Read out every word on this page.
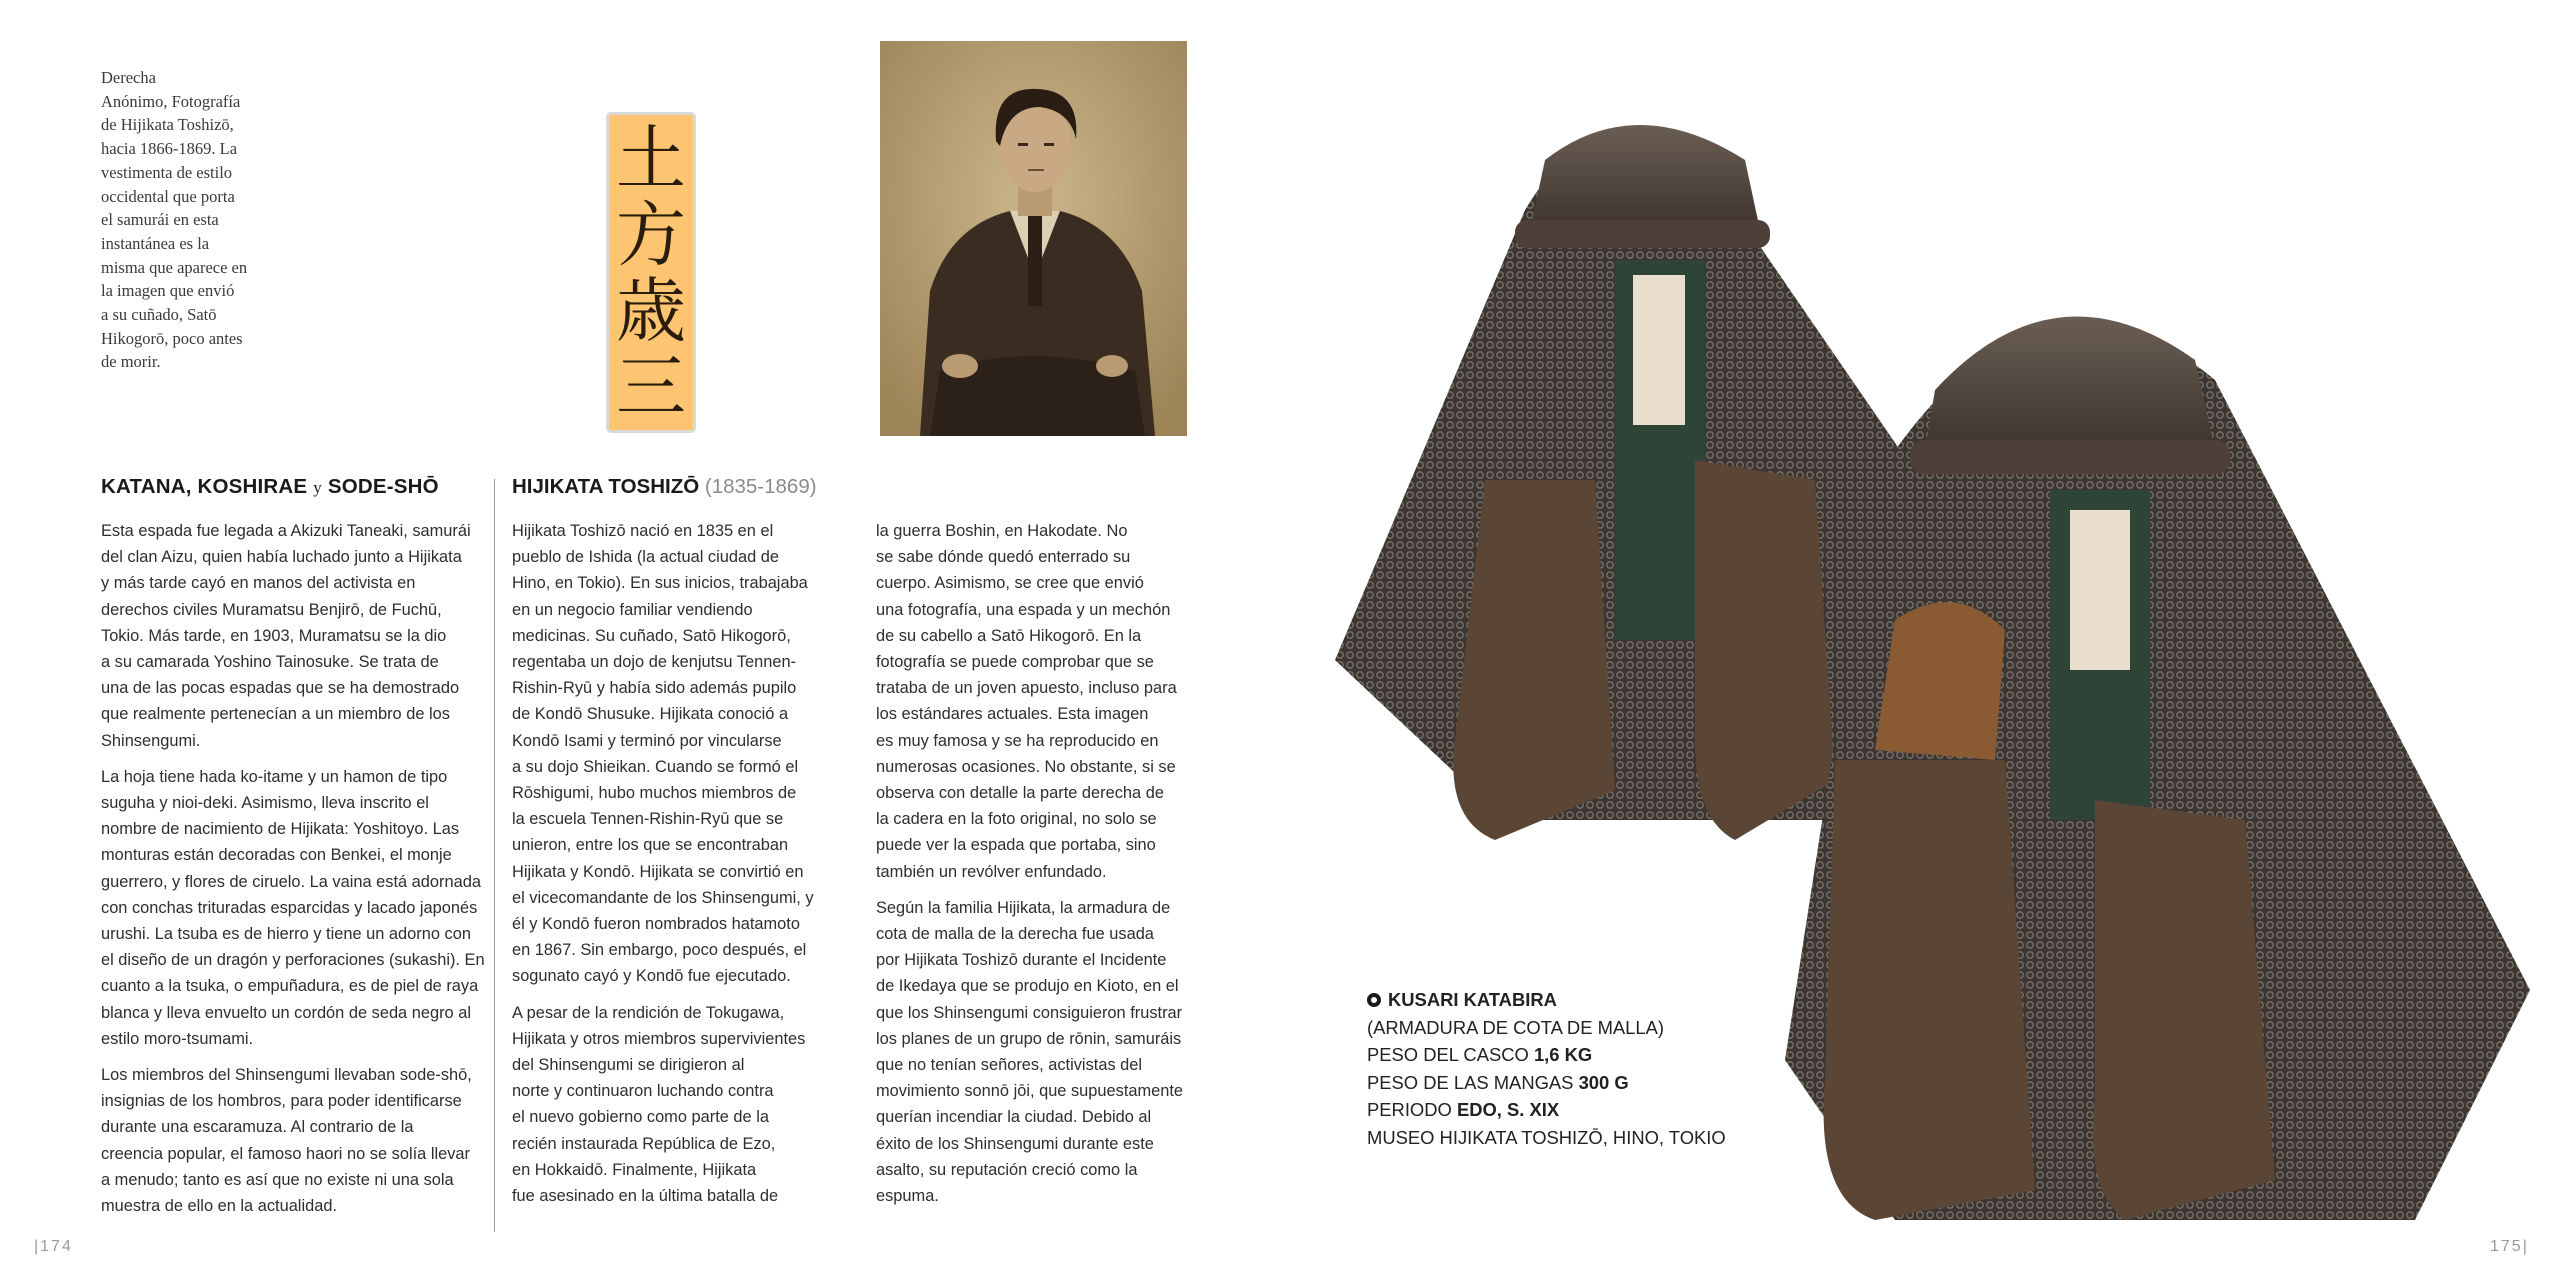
Derecha

Anónimo, Fotografía

de Hijikata Toshizō,

hacia 1866-1869. La

vestimenta de estilo

occidental que porta

el samurái en esta

instantánea es la

misma que aparece en

la imagen que envió

a su cuñado, Satō

Hikogorō, poco antes

de morir.

土
方
歳
三
KATANA, KOSHIRAE y SODE-SHŌ	HIJIKATA TOSHIZŌ (1835-1869)

Esta espada fue legada a Akizuki Taneaki, samurái
del clan Aizu, quien había luchado junto a Hijikata
y más tarde cayó en manos del activista en
derechos civiles Muramatsu Benjirō, de Fuchū,
Tokio. Más tarde, en 1903, Muramatsu se la dio
a su camarada Yoshino Tainosuke. Se trata de
una de las pocas espadas que se ha demostrado
que realmente pertenecían a un miembro de los
Shinsengumi.

La hoja tiene hada ko-itame y un hamon de tipo
suguha y nioi-deki. Asimismo, lleva inscrito el
nombre de nacimiento de Hijikata: Yoshitoyo. Las
monturas están decoradas con Benkei, el monje
guerrero, y flores de ciruelo. La vaina está adornada
con conchas trituradas esparcidas y lacado japonés
urushi. La tsuba es de hierro y tiene un adorno con
el diseño de un dragón y perforaciones (sukashi). En
cuanto a la tsuka, o empuñadura, es de piel de raya
blanca y lleva envuelto un cordón de seda negro al
estilo moro-tsumami.

Los miembros del Shinsengumi llevaban sode-shō,
insignias de los hombros, para poder identificarse
durante una escaramuza. Al contrario de la
creencia popular, el famoso haori no se solía llevar
a menudo; tanto es así que no existe ni una sola
muestra de ello en la actualidad.

Hijikata Toshizō nació en 1835 en el
pueblo de Ishida (la actual ciudad de
Hino, en Tokio). En sus inicios, trabajaba
en un negocio familiar vendiendo
medicinas. Su cuñado, Satō Hikogorō,
regentaba un dojo de kenjutsu Tennen-
Rishin-Ryū y había sido además pupilo
de Kondō Shusuke. Hijikata conoció a
Kondō Isami y terminó por vincularse
a su dojo Shieikan. Cuando se formó el
Rōshigumi, hubo muchos miembros de
la escuela Tennen-Rishin-Ryū que se
unieron, entre los que se encontraban
Hijikata y Kondō. Hijikata se convirtió en
el vicecomandante de los Shinsengumi, y
él y Kondō fueron nombrados hatamoto
en 1867. Sin embargo, poco después, el
sogunato cayó y Kondō fue ejecutado.

A pesar de la rendición de Tokugawa,
Hijikata y otros miembros supervivientes
del Shinsengumi se dirigieron al
norte y continuaron luchando contra
el nuevo gobierno como parte de la
recién instaurada República de Ezo,
en Hokkaidō. Finalmente, Hijikata
fue asesinado en la última batalla de

la guerra Boshin, en Hakodate. No
se sabe dónde quedó enterrado su
cuerpo. Asimismo, se cree que envió
una fotografía, una espada y un mechón
de su cabello a Satō Hikogorō. En la
fotografía se puede comprobar que se
trataba de un joven apuesto, incluso para
los estándares actuales. Esta imagen
es muy famosa y se ha reproducido en
numerosas ocasiones. No obstante, si se
observa con detalle la parte derecha de
la cadera en la foto original, no solo se
puede ver la espada que portaba, sino
también un revólver enfundado.

Según la familia Hijikata, la armadura de
cota de malla de la derecha fue usada
por Hijikata Toshizō durante el Incidente
de Ikedaya que se produjo en Kioto, en el
que los Shinsengumi consiguieron frustrar
los planes de un grupo de rōnin, samuráis
que no tenían señores, activistas del
movimiento sonnō jōi, que supuestamente
querían incendiar la ciudad. Debido al
éxito de los Shinsengumi durante este
asalto, su reputación creció como la
espuma.

KUSARI KATABIRA
(ARMADURA DE COTA DE MALLA)
PESO DEL CASCO 1,6 KG
PESO DE LAS MANGAS 300 G
PERIODO EDO, S. XIX
MUSEO HIJIKATA TOSHIZŌ, HINO, TOKIO
|174	175|
